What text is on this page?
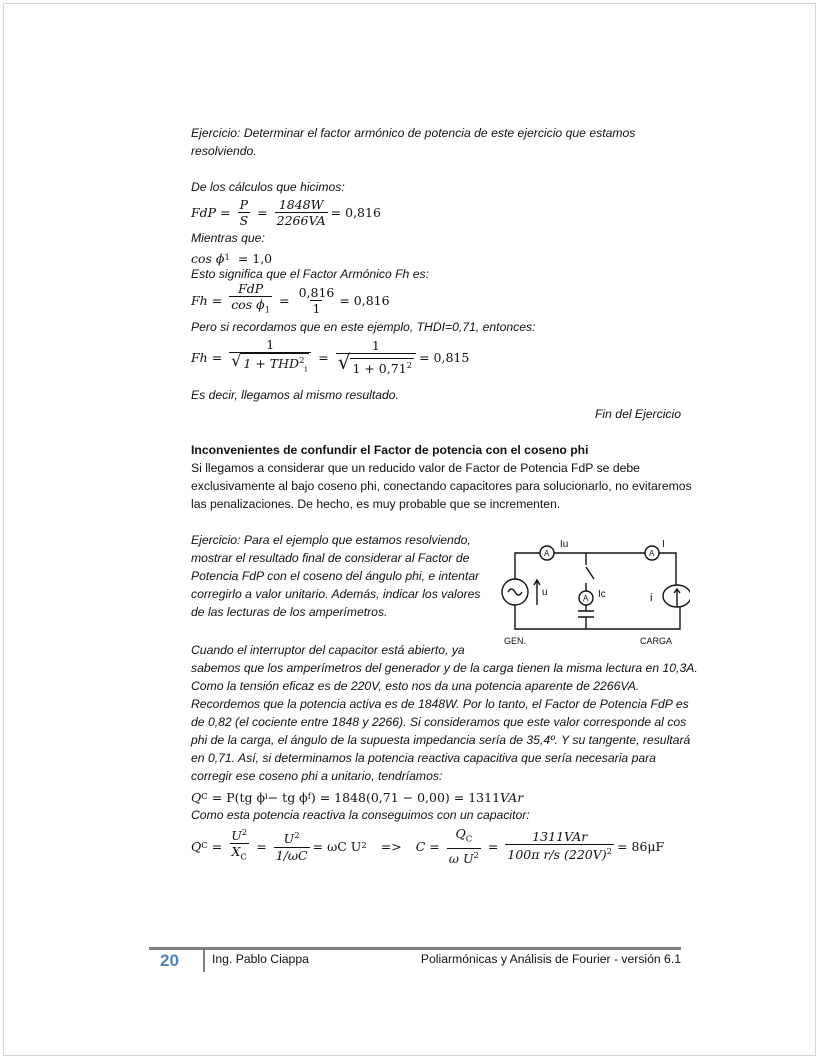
Ejercicio: Determinar el factor armónico de potencia de este ejercicio que estamos
resolviendo.
De los cálculos que hicimos:
FdP = $\frac{P}{S} = \frac{1848W}{2266VA} = 0,816$
Mientras que:
cos ϕ 1
= 1,0
Esto significa que el Factor Armónico Fh es:
$Fh = \frac{\text{FdP}}{\cos \phi_1} = \frac{0,816}{1} = 0,816$
Pero si recordamos que en este ejemplo, THDI=0,71, entonces:
$Fh = \frac{1}{√ 1 + THD^2_i} = \frac{1}{√ 1 + 0,71^2} = 0,815$
Es decir, llegamos al mismo resultado.
Fin del Ejercicio
Inconvenientes de confundir el Factor de potencia con el coseno phi
Si llegamos a considerar que un reducido valor de Factor de Potencia FdP se debe
exclusivamente al bajo coseno phi, conectando capacitores para solucionarlo, no evitaremos
las penalizaciones. De hecho, es muy probable que se incrementen.
Ejercicio: Para el ejemplo que estamos resolviendo,
mostrar el resultado final de considerar al Factor de
Potencia FdP con el coseno del ángulo phi, e intentar
corregirlo a valor unitario. Además, indicar los valores
de las lecturas de los amperímetros.
A	A
A
Iu	I
Ic
u	i
GEN.	CARGA
Cuando el interruptor del capacitor está abierto, ya
sabemos que los amperímetros del generador y de la carga tienen la misma lectura en 10,3A.
Como la tensión eficaz es de 220V, esto nos da una potencia aparente de 2266VA.
Recordemos que la potencia activa es de 1848W. Por lo tanto, el Factor de Potencia FdP es
de 0,82 (el cociente entre 1848 y 2266). Si consideramos que este valor corresponde al cos
phi de la carga, el ángulo de la supuesta impedancia sería de 35,4º. Y su tangente, resultará
en 0,71. Así, si determinamos la potencia reactiva capacitiva que sería necesaria para
corregir ese coseno phi a unitario, tendríamos:
Q C
= P(tg ϕ i − tg ϕ f ) = 1848(0,71 − 0,00) = 1311 VAr
Como esta potencia reactiva la conseguimos con un capacitor:
Q $C = \frac{U^2}{X_C} = \frac{U^2}{1/\omega C} = \omega C$ U $2 => C = \frac{Q_C}{\omega U^2} = \frac{\text{1311VAr}}{100\pi r/s (220V)^2} = 86\mu F$
20	Ing. Pablo Ciappa	Poliarmónicas y Análisis de Fourier - versión 6.1
